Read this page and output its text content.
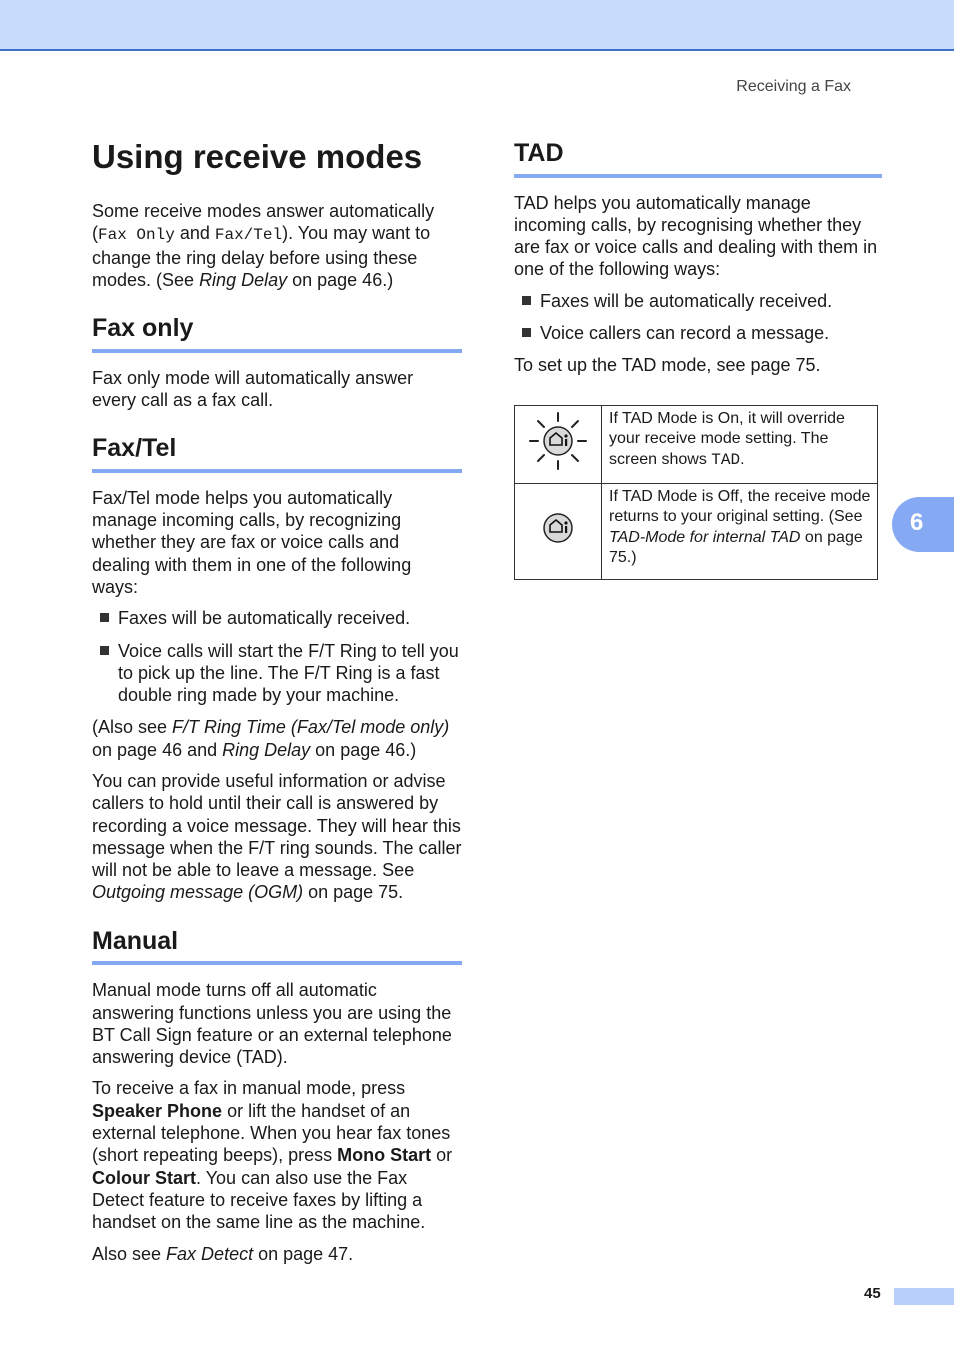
Receiving a Fax
Using receive modes

Some receive modes answer automatically (Fax Only and Fax/Tel). You may want to change the ring delay before using these modes. (See Ring Delay on page 46.)

Fax only

Fax only mode will automatically answer every call as a fax call.

Fax/Tel

Fax/Tel mode helps you automatically manage incoming calls, by recognizing whether they are fax or voice calls and dealing with them in one of the following ways:

Faxes will be automatically received.
Voice calls will start the F/T Ring to tell you to pick up the line. The F/T Ring is a fast double ring made by your machine.

(Also see F/T Ring Time (Fax/Tel mode only) on page 46 and Ring Delay on page 46.)

You can provide useful information or advise callers to hold until their call is answered by recording a voice message. They will hear this message when the F/T ring sounds. The caller will not be able to leave a message. See Outgoing message (OGM) on page 75.

Manual

Manual mode turns off all automatic answering functions unless you are using the BT Call Sign feature or an external telephone answering device (TAD).

To receive a fax in manual mode, press Speaker Phone or lift the handset of an external telephone. When you hear fax tones (short repeating beeps), press Mono Start or Colour Start. You can also use the Fax Detect feature to receive faxes by lifting a handset on the same line as the machine.

Also see Fax Detect on page 47.

TAD

TAD helps you automatically manage incoming calls, by recognising whether they are fax or voice calls and dealing with them in one of the following ways:

Faxes will be automatically received.
Voice callers can record a message.

To set up the TAD mode, see page 75.

	If TAD Mode is On, it will override your receive mode setting. The screen shows TAD.
	If TAD Mode is Off, the receive mode returns to your original setting. (See TAD-Mode for internal TAD on page 75.)
6
45
